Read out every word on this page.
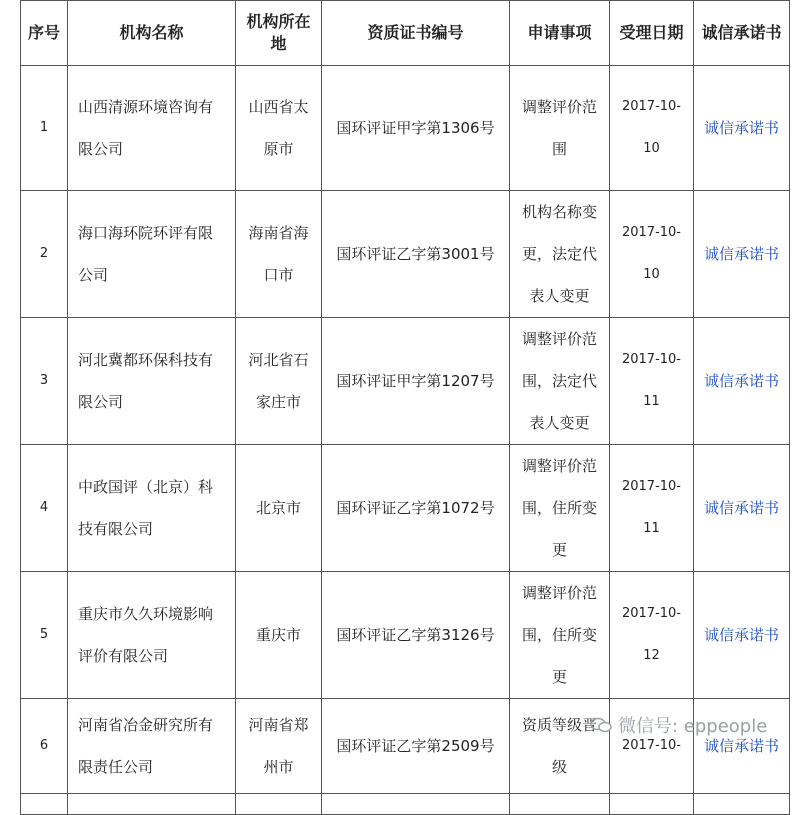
序号	机构名称	机构所在地	资质证书编号	申请事项	受理日期	诚信承诺书
1	山西清源环境咨询有限公司	山西省太原市	国环评证甲字第1306号	调整评价范围	2017-10-10	诚信承诺书
2	海口海环院环评有限公司	海南省海口市	国环评证乙字第3001号	机构名称变更，法定代表人变更	2017-10-10	诚信承诺书
3	河北冀都环保科技有限公司	河北省石家庄市	国环评证甲字第1207号	调整评价范围，法定代表人变更	2017-10-11	诚信承诺书
4	中政国评（北京）科技有限公司	北京市	国环评证乙字第1072号	调整评价范围，住所变更	2017-10-11	诚信承诺书
5	重庆市久久环境影响评价有限公司	重庆市	国环评证乙字第3126号	调整评价范围，住所变更	2017-10-12	诚信承诺书
6	河南省冶金研究所有限责任公司	河南省郑州市	国环评证乙字第2509号	资质等级晋级	2017-10-	诚信承诺书

微信号: eppeople
